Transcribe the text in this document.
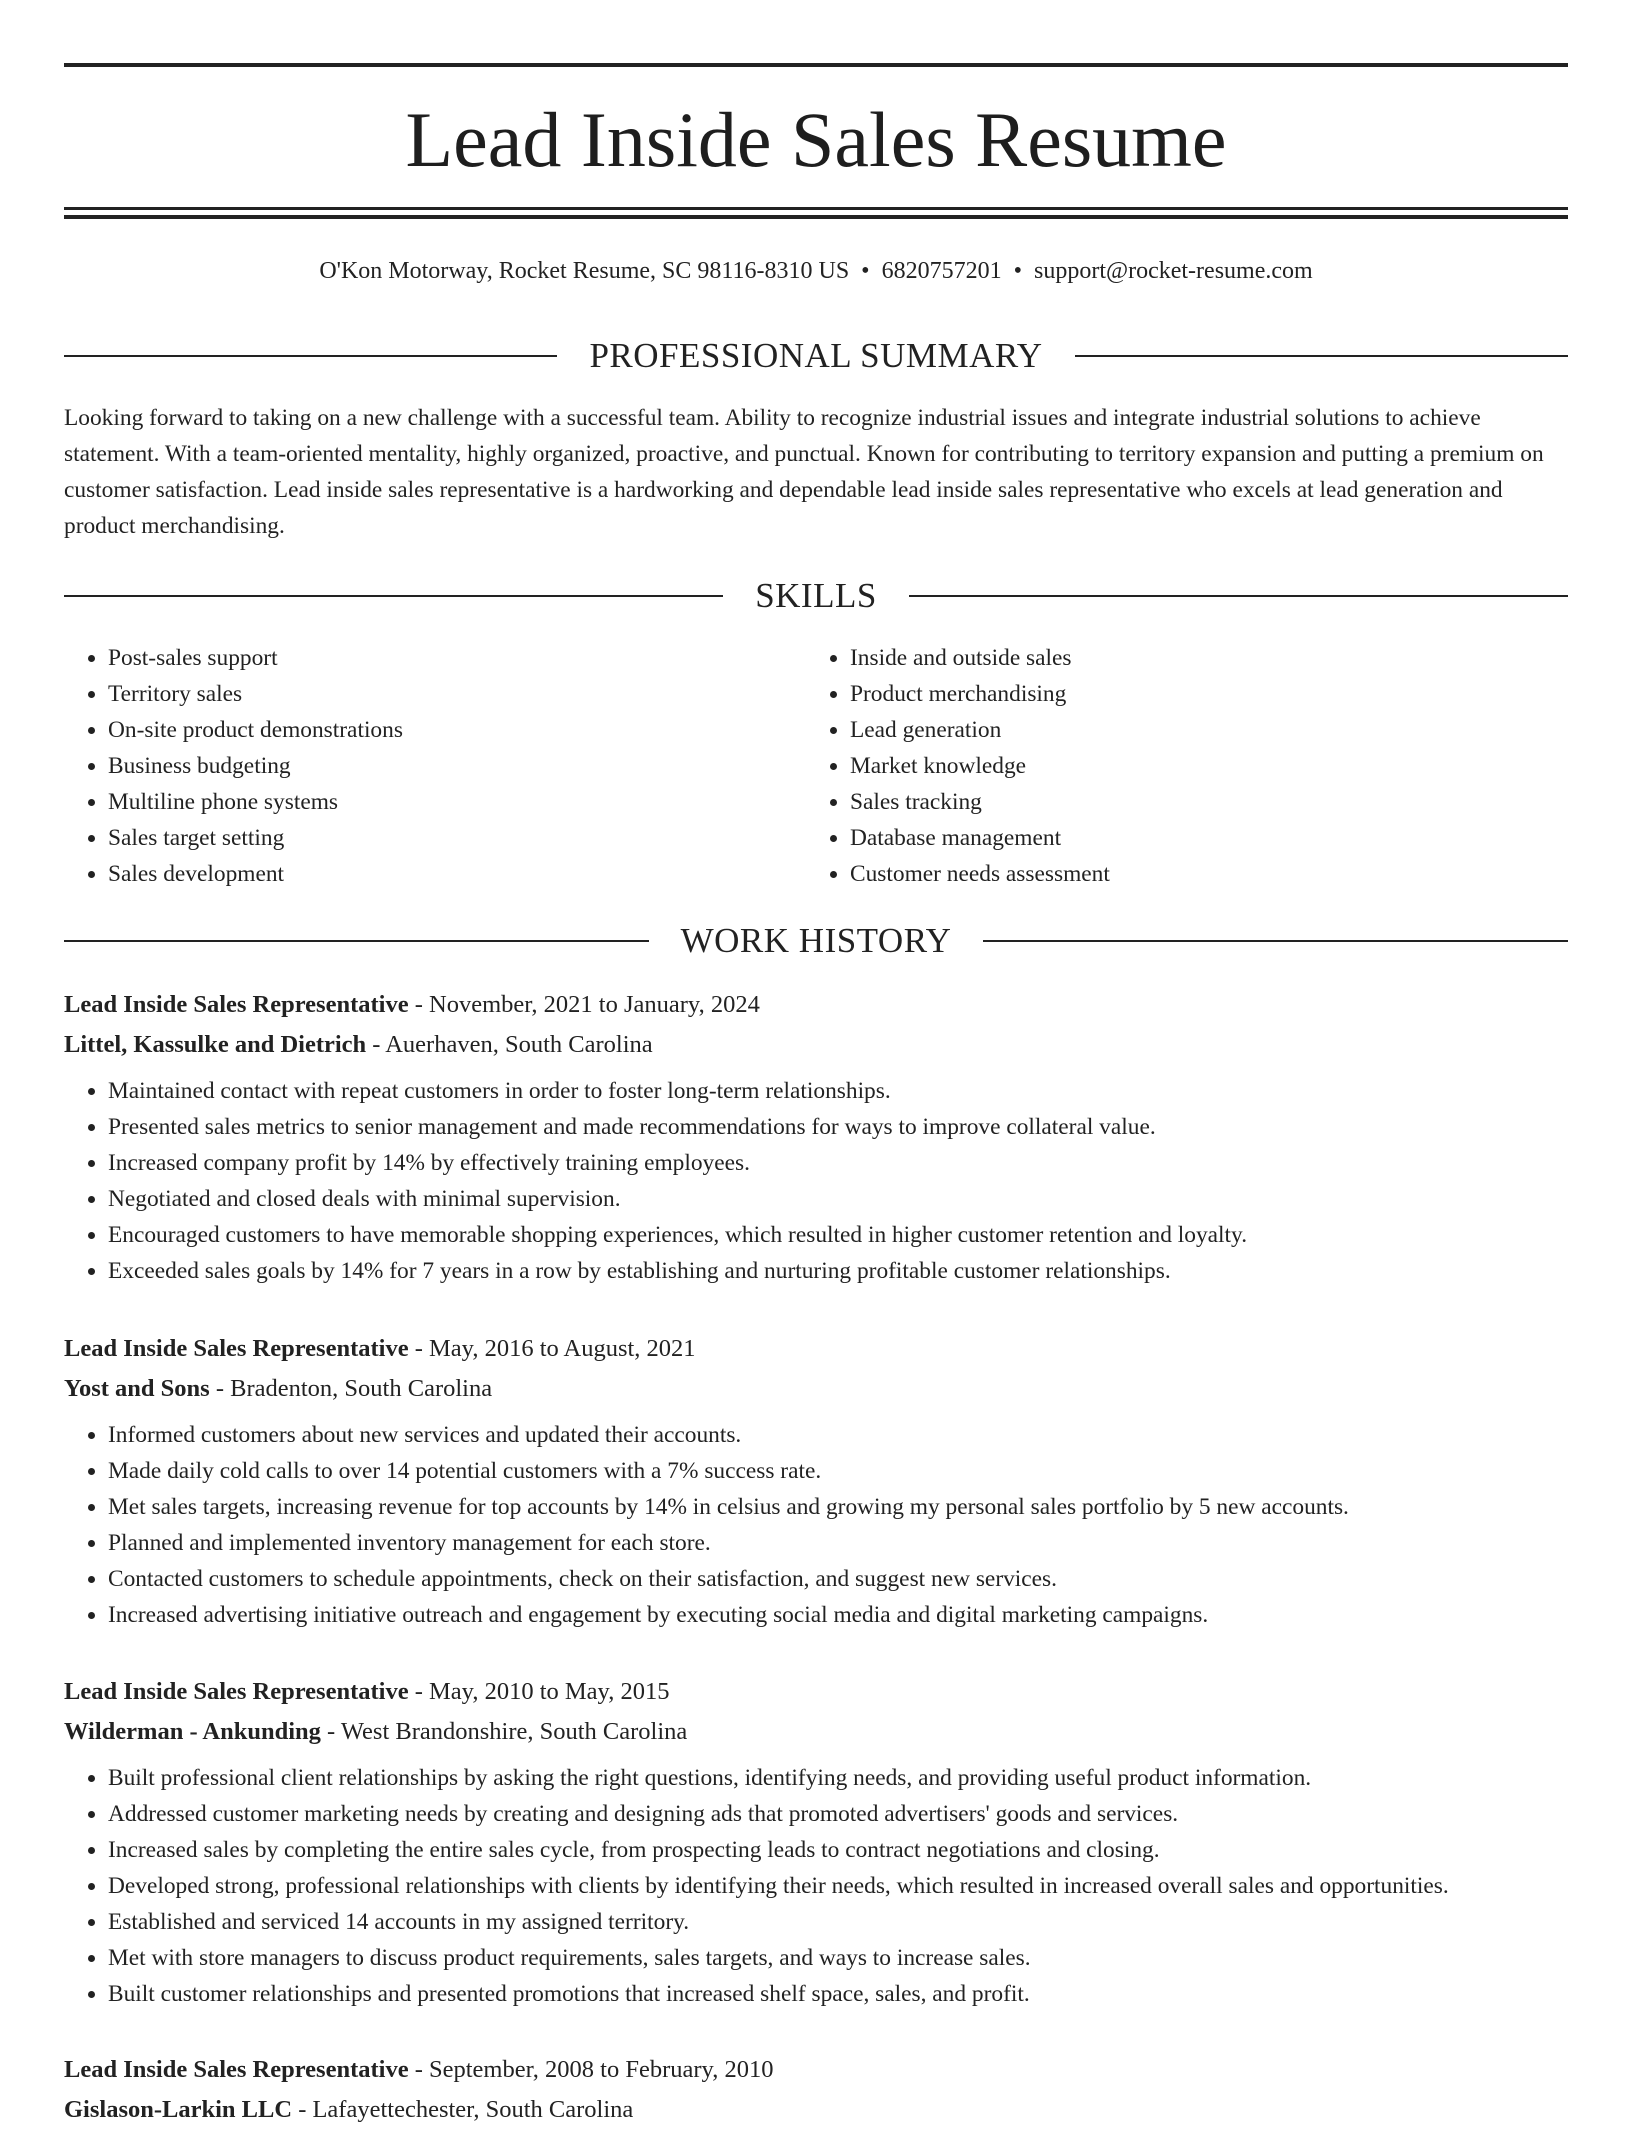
Lead Inside Sales Resume
O'Kon Motorway, Rocket Resume, SC 98116-8310 US • 6820757201 • support@rocket-resume.com
PROFESSIONAL SUMMARY

Looking forward to taking on a new challenge with a successful team. Ability to recognize industrial issues and integrate industrial solutions to achieve statement. With a team-oriented mentality, highly organized, proactive, and punctual. Known for contributing to territory expansion and putting a premium on customer satisfaction. Lead inside sales representative is a hardworking and dependable lead inside sales representative who excels at lead generation and product merchandising.

SKILLS
• Post-sales support
• Territory sales
• On-site product demonstrations
• Business budgeting
• Multiline phone systems
• Sales target setting
• Sales development
• Inside and outside sales
• Product merchandising
• Lead generation
• Market knowledge
• Sales tracking
• Database management
• Customer needs assessment
WORK HISTORY

Lead Inside Sales Representative - November, 2021 to January, 2024

Littel, Kassulke and Dietrich - Auerhaven, South Carolina

• Maintained contact with repeat customers in order to foster long-term relationships.
• Presented sales metrics to senior management and made recommendations for ways to improve collateral value.
• Increased company profit by 14% by effectively training employees.
• Negotiated and closed deals with minimal supervision.
• Encouraged customers to have memorable shopping experiences, which resulted in higher customer retention and loyalty.
• Exceeded sales goals by 14% for 7 years in a row by establishing and nurturing profitable customer relationships.

Lead Inside Sales Representative - May, 2016 to August, 2021

Yost and Sons - Bradenton, South Carolina

• Informed customers about new services and updated their accounts.
• Made daily cold calls to over 14 potential customers with a 7% success rate.
• Met sales targets, increasing revenue for top accounts by 14% in celsius and growing my personal sales portfolio by 5 new accounts.
• Planned and implemented inventory management for each store.
• Contacted customers to schedule appointments, check on their satisfaction, and suggest new services.
• Increased advertising initiative outreach and engagement by executing social media and digital marketing campaigns.

Lead Inside Sales Representative - May, 2010 to May, 2015

Wilderman - Ankunding - West Brandonshire, South Carolina

• Built professional client relationships by asking the right questions, identifying needs, and providing useful product information.
• Addressed customer marketing needs by creating and designing ads that promoted advertisers' goods and services.
• Increased sales by completing the entire sales cycle, from prospecting leads to contract negotiations and closing.
• Developed strong, professional relationships with clients by identifying their needs, which resulted in increased overall sales and opportunities.
• Established and serviced 14 accounts in my assigned territory.
• Met with store managers to discuss product requirements, sales targets, and ways to increase sales.
• Built customer relationships and presented promotions that increased shelf space, sales, and profit.

Lead Inside Sales Representative - September, 2008 to February, 2010

Gislason-Larkin LLC - Lafayettechester, South Carolina
